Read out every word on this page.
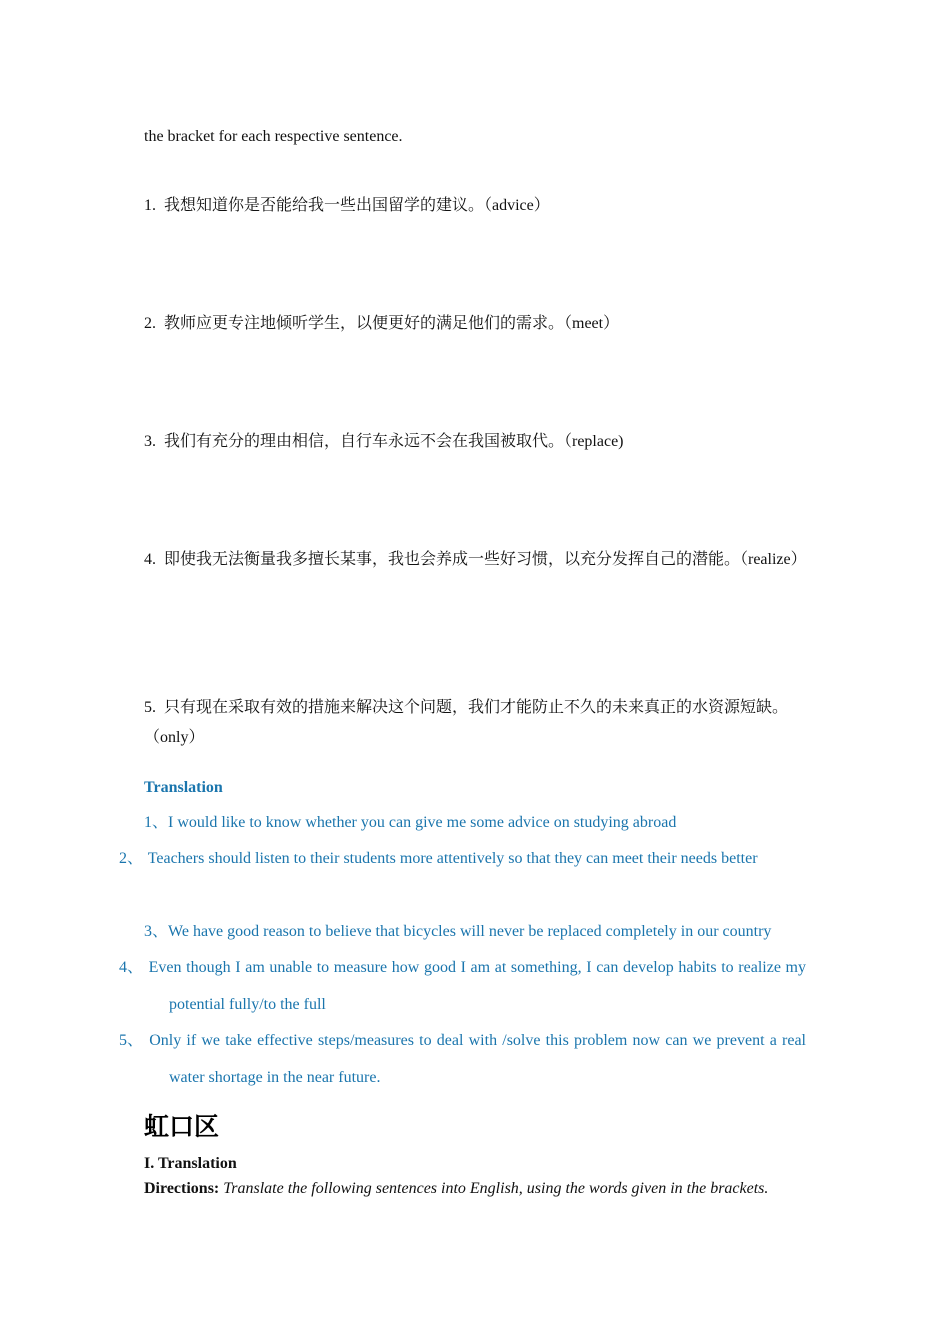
the bracket for each respective sentence.
1. 我想知道你是否能给我一些出国留学的建议。（advice）
2. 教师应更专注地倾听学生，以便更好的满足他们的需求。（meet）
3. 我们有充分的理由相信，自行车永远不会在我国被取代。（replace)
4. 即使我无法衡量我多擅长某事，我也会养成一些好习惯，以充分发挥自己的潜能。（realize）
5. 只有现在采取有效的措施来解决这个问题，我们才能防止不久的未来真正的水资源短缺。（only）
Translation
1、I would like to know whether you can give me some advice on studying abroad
2、 Teachers should listen to their students more attentively so that they can meet their needs better
3、We have good reason to believe that bicycles will never be replaced completely in our country
4、 Even though I am unable to measure how good I am at something, I can develop habits to realize my potential fully/to the full
5、 Only if we take effective steps/measures to deal with /solve this problem now can we prevent a real water shortage in the near future.
虹口区
I. Translation
Directions: Translate the following sentences into English, using the words given in the brackets.
